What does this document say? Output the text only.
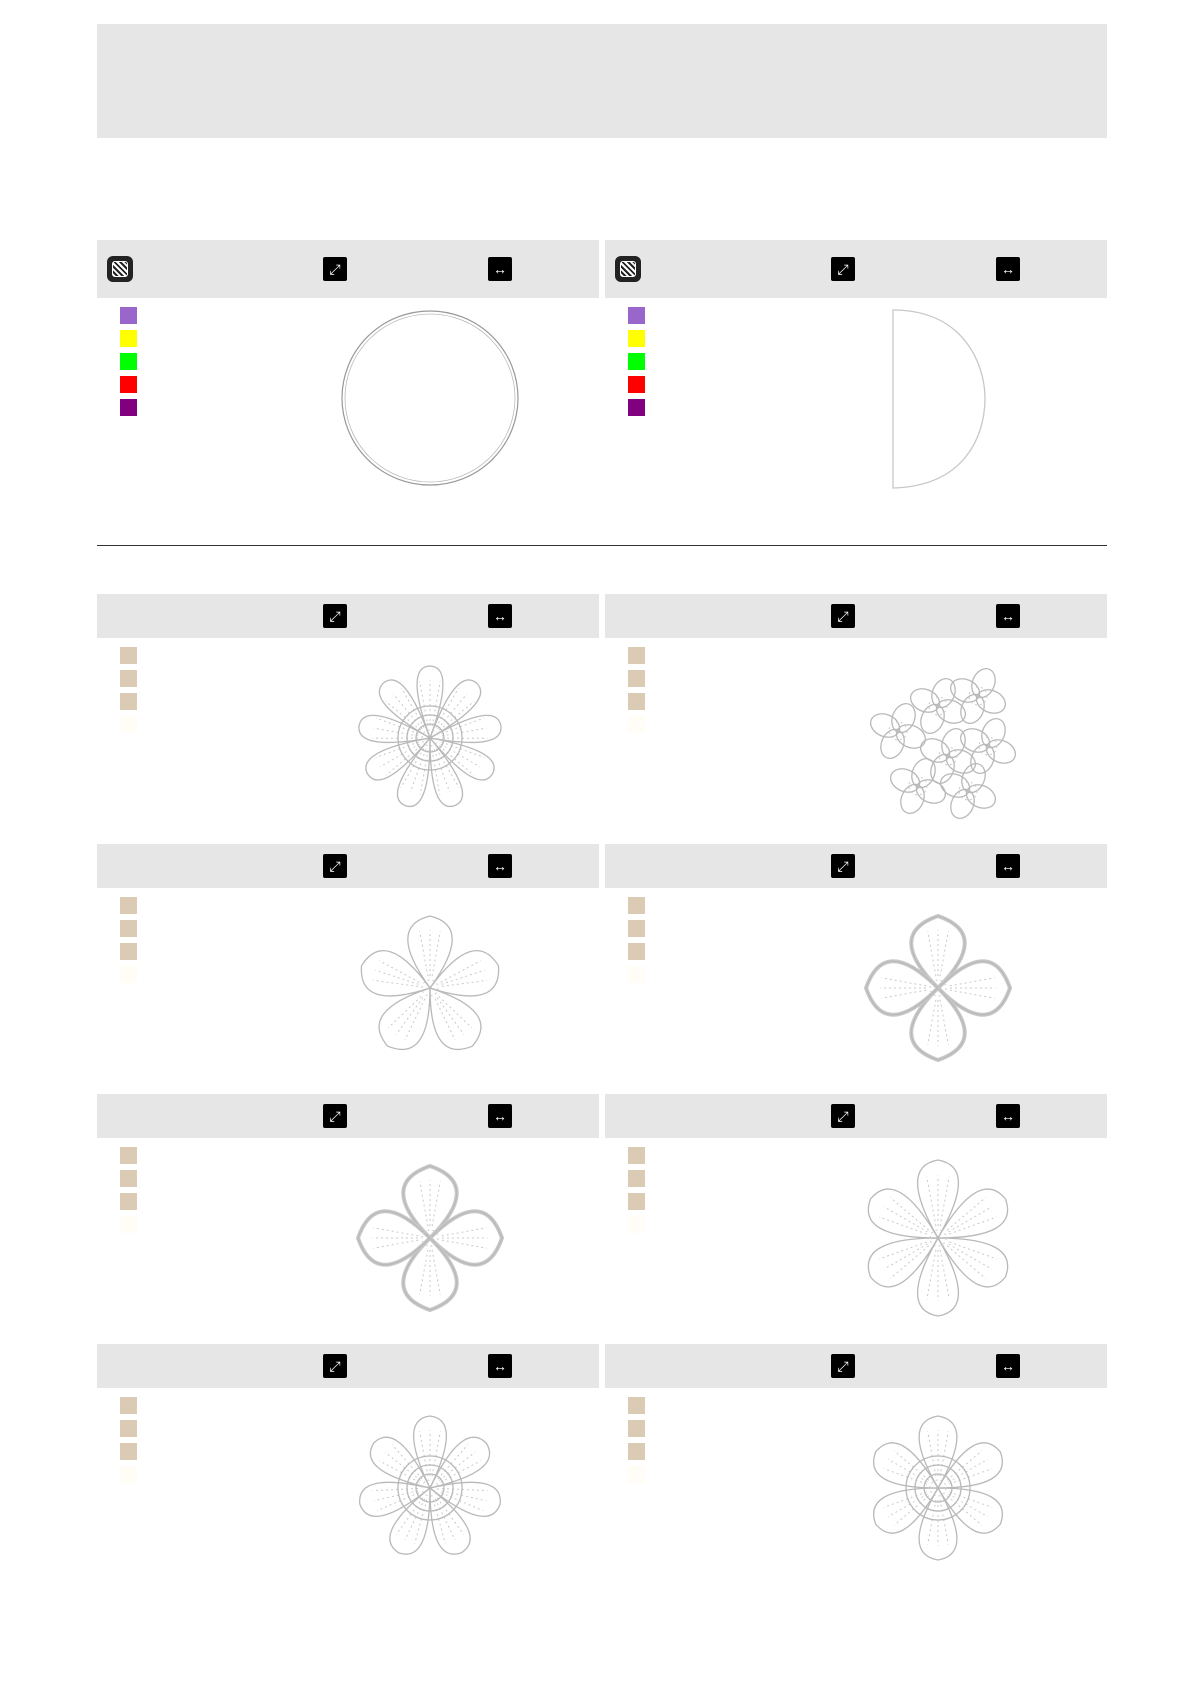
⤢	↔	⤢	↔
⤢	↔	⤢	↔
⤢	↔	⤢	↔
⤢	↔	⤢	↔
⤢	↔	⤢	↔
